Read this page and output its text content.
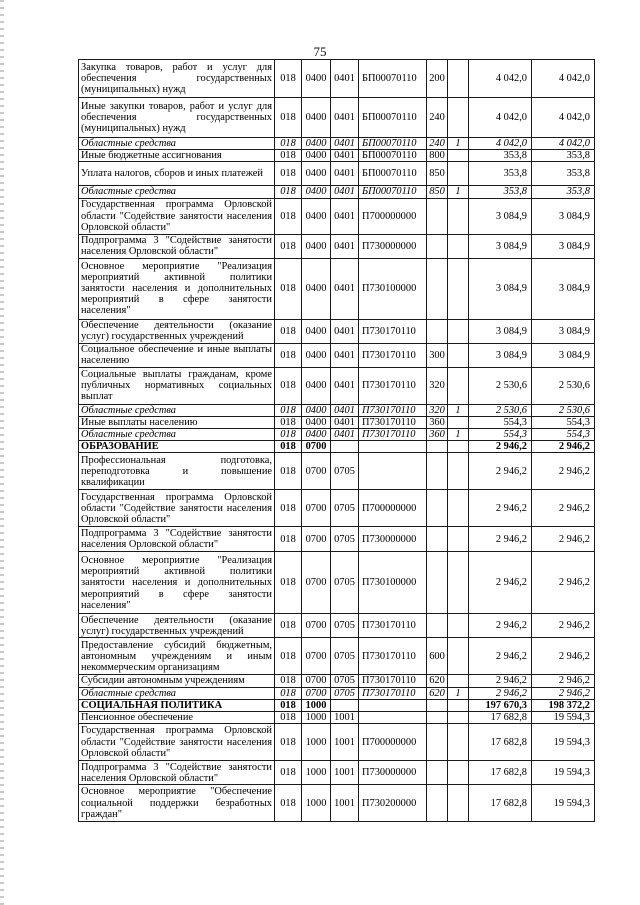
75
Закупка товаров, работ и услуг для обеспечения государственных (муниципальных) нужд	018	0400	0401	БП00070110	200		4 042,0	4 042,0
Иные закупки товаров, работ и услуг для обеспечения государственных (муниципальных) нужд	018	0400	0401	БП00070110	240		4 042,0	4 042,0
Областные средства	018	0400	0401	БП00070110	240	1	4 042,0	4 042,0
Иные бюджетные ассигнования	018	0400	0401	БП00070110	800		353,8	353,8
Уплата налогов, сборов и иных платежей	018	0400	0401	БП00070110	850		353,8	353,8
Областные средства	018	0400	0401	БП00070110	850	1	353,8	353,8
Государственная программа Орловской области "Содействие занятости населения Орловской области"	018	0400	0401	П700000000			3 084,9	3 084,9
Подпрограмма 3 "Содействие занятости населения Орловской области"	018	0400	0401	П730000000			3 084,9	3 084,9
Основное мероприятие "Реализация мероприятий активной политики занятости населения и дополнительных мероприятий в сфере занятости населения"	018	0400	0401	П730100000			3 084,9	3 084,9
Обеспечение деятельности (оказание услуг) государственных учреждений	018	0400	0401	П730170110			3 084,9	3 084,9
Социальное обеспечение и иные выплаты населению	018	0400	0401	П730170110	300		3 084,9	3 084,9
Социальные выплаты гражданам, кроме публичных нормативных социальных выплат	018	0400	0401	П730170110	320		2 530,6	2 530,6
Областные средства	018	0400	0401	П730170110	320	1	2 530,6	2 530,6
Иные выплаты населению	018	0400	0401	П730170110	360		554,3	554,3
Областные средства	018	0400	0401	П730170110	360	1	554,3	554,3
ОБРАЗОВАНИЕ	018	0700					2 946,2	2 946,2
Профессиональная подготовка, переподготовка и повышение квалификации	018	0700	0705				2 946,2	2 946,2
Государственная программа Орловской области "Содействие занятости населения Орловской области"	018	0700	0705	П700000000			2 946,2	2 946,2
Подпрограмма 3 "Содействие занятости населения Орловской области"	018	0700	0705	П730000000			2 946,2	2 946,2
Основное мероприятие "Реализация мероприятий активной политики занятости населения и дополнительных мероприятий в сфере занятости населения"	018	0700	0705	П730100000			2 946,2	2 946,2
Обеспечение деятельности (оказание услуг) государственных учреждений	018	0700	0705	П730170110			2 946,2	2 946,2
Предоставление субсидий бюджетным, автономным учреждениям и иным некоммерческим организациям	018	0700	0705	П730170110	600		2 946,2	2 946,2
Субсидии автономным учреждениям	018	0700	0705	П730170110	620		2 946,2	2 946,2
Областные средства	018	0700	0705	П730170110	620	1	2 946,2	2 946,2
СОЦИАЛЬНАЯ ПОЛИТИКА	018	1000					197 670,3	198 372,2
Пенсионное обеспечение	018	1000	1001				17 682,8	19 594,3
Государственная программа Орловской области "Содействие занятости населения Орловской области"	018	1000	1001	П700000000			17 682,8	19 594,3
Подпрограмма 3 "Содействие занятости населения Орловской области"	018	1000	1001	П730000000			17 682,8	19 594,3
Основное мероприятие "Обеспечение социальной поддержки безработных граждан"	018	1000	1001	П730200000			17 682,8	19 594,3
